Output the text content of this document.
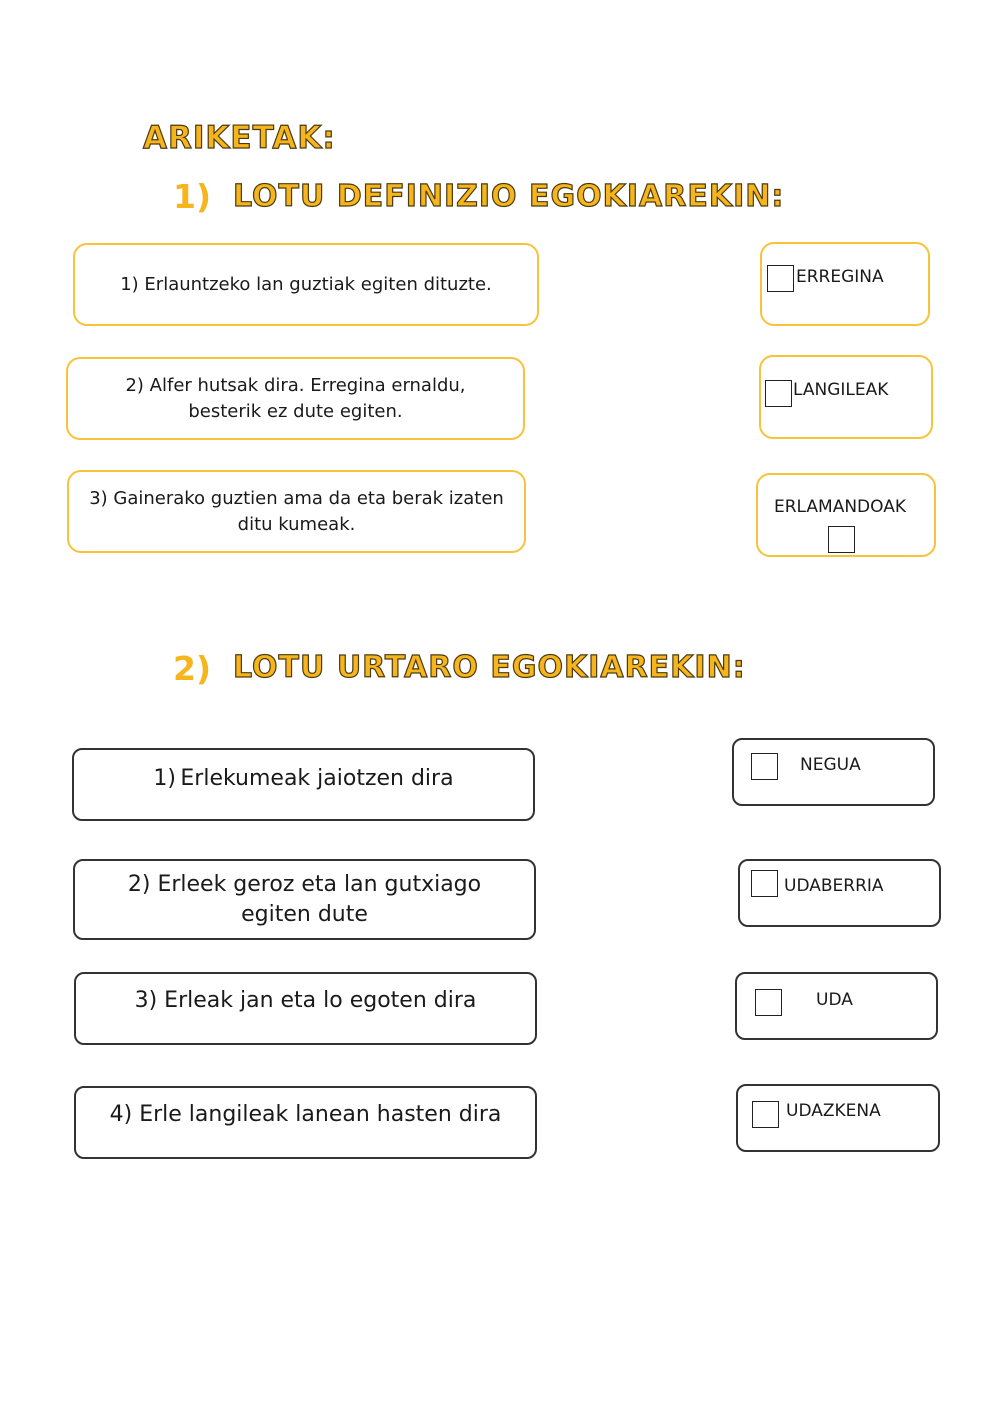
ARIKETAK:
1) LOTU DEFINIZIO EGOKIAREKIN:
1) Erlauntzeko lan guztiak egiten dituzte.
2) Alfer hutsak dira. Erregina ernaldu, besterik ez dute egiten.
3) Gainerako guztien ama da eta berak izaten ditu kumeak.
ERREGINA
LANGILEAK
ERLAMANDOAK
2) LOTU URTARO EGOKIAREKIN:
1) Erlekumeak jaiotzen dira
2) Erleek geroz eta lan gutxiago egiten dute
3) Erleak jan eta lo egoten dira
4) Erle langileak lanean hasten dira
NEGUA
UDABERRIA
UDA
UDAZKENA
